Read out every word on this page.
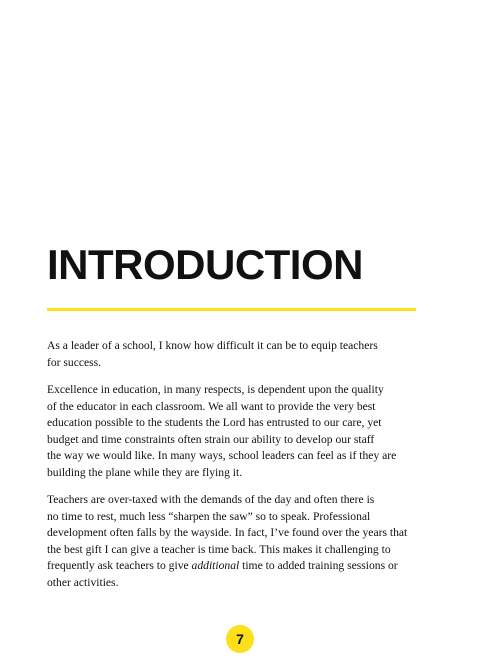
INTRODUCTION

As a leader of a school, I know how difficult it can be to equip teachers
for success.

Excellence in education, in many respects, is dependent upon the quality
of the educator in each classroom. We all want to provide the very best
education possible to the students the Lord has entrusted to our care, yet
budget and time constraints often strain our ability to develop our staff
the way we would like. In many ways, school leaders can feel as if they are
building the plane while they are flying it.

Teachers are over-taxed with the demands of the day and often there is
no time to rest, much less “sharpen the saw” so to speak. Professional
development often falls by the wayside. In fact, I’ve found over the years that
the best gift I can give a teacher is time back. This makes it challenging to
frequently ask teachers to give additional time to added training sessions or
other activities.

7
